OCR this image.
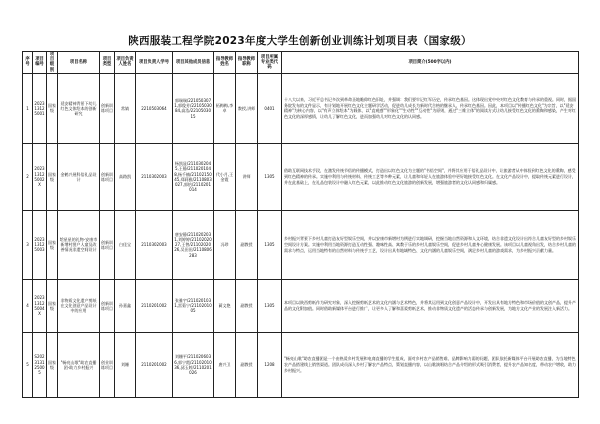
陕西服装工程学院2023年度大学生创新创业训练计划项目表（国家级）
序号	项目编号	项目级别	项目名称	项目类型	项目负责人姓名	项目负责人学号	项目其他成员信息	指导教师姓名	指导教师职称	项目所属专业类代码	项目简介(500字以内)
1	202313125001	国家级	延安精神背景下幼儿红色文体绘本的创新研究	创新训练项目	常婧	2210503064	郭瑞瑞/2210503071,郭俊芳/2210503084,高浩/2210503015	柘梅梅,李卓	教授,讲师	0401	十八大以来，习近平总书记多次到革命圣地瞻仰红色旧址，并强调：我们要牢记红军历史，传承红色基因。这体现出党中央对红色文化教育与传承的重视。同时，据国务院发布的文件显示，有计划地开展红色文化主题研学活动，促进幼儿成长为新时代合格的继承人，传承红色基因。因此，本项目以"传播红色文化"为宗旨，以"延安精神"为核心内容，以"有声立体绘本"为载体，以"直观感""形象化""生动性""互动性"为原则，通过"三维立体"的阅读方式让幼儿接受红色文化的熏陶和感染，产生对红色文化的深厚感情，让幼儿了解红色文化，进而加强幼儿对红色文化的认同感。
2	202313125002X	国家级	金鹤兴展科倍礼品设计	创新训练项目	高路凯	2110302003	杨凯显/2110302045,王静/2110201048,杨千楠/2110215045,郑莉雅/2110803027,郭怡/2110201014	代小月,王金霞	讲师	1305	借助互联网技术手段，在激发传统节倍的传播模式，打造出以红色文化为主题的"书倍空间"，并将其应用于倍礼品设计中，让旅游者从中体验到红色文化的熏陶，感受到红色精神的传承。实施中利用与传统材料、传统工艺等多种元素，让儿童和年轻人在旅游体验中更好地接受红色文化。在文化产品设计中，提取传统元素进行设计，并在此基础上，在礼品包装设计中融入红色元素，以此推动红色文化旅游的创新发展，增强旅游者的文化认同感和归属感。
3	202313125003	国家级	给星星的礼物-安康市新增村图户人童及改善情况非遗空间设计	创新训练项目	白佳宝	2110302003	唐安静/2110202031,刘婷婷/2110202027,王曾/2110202026,吴田田/2110806283	冯珍	副教授	1305	乡村振兴背景下乡村儿童打造友好型娱乐空间，并以安康市新增村为例进行实地调研，挖掘当地自然资源和人文环境，结合非遗文化设计出符合儿童友好型的乡村娱乐空间设计方案。实施中利用当地资源打造互动性强、趣味性高、寓教于乐的乡村儿童娱乐空间，促进乡村儿童身心健康发展。该项目以儿童视角出发，结合乡村儿童的需求与特点，运用当地特有的自然材料与传统手工艺，设计出具有地域特色、文化内涵的儿童娱乐空间，满足乡村儿童的游戏需求，为乡村振兴贡献力量。
4	202313125004X	国家级	非物质文化遗产剪纸在文化创意产品设计中的应用	创新训练项目	孙嘉鑫	2110201002	张雅宇/2110201031,雷菊宁/2110201005	蔺文艳	副教授	1305	本项目以陕西剪纸作为研究对象，深入挖掘剪纸艺术的文化内涵与艺术特色，并将其运用到文化创意产品设计中，开发出具有地方特色和市场价值的文创产品，提升产品的文化附加值。同时借助新媒体平台进行推广，让更多人了解和喜爱剪纸艺术，推动非物质文化遗产的活态传承与创新发展，为地方文化产业的发展注入新活力。
5	S202313125005	国家级	"畅亮山歌"助农直播团-助力乡村振兴	创业训练项目	刘姗	2110201002	刘姗平/2110206036,郭宁霞/2110201036,邱玉婷/2110201026	唐兴卫	副教授	1208	"畅亮山歌"助农直播团是一个由热爱乡村发展和电商直播的学生组成，面对乡村农产品销售难、品牌影响力弱的问题，团队依托新媒体平台开展助农直播，为当地特色农产品搭建线上销售渠道。团队成员深入乡村了解农产品特点，策划直播内容，以山歌演唱结合产品介绍的形式吸引消费者，提升农产品知名度，带动农户增收，助力乡村振兴。
